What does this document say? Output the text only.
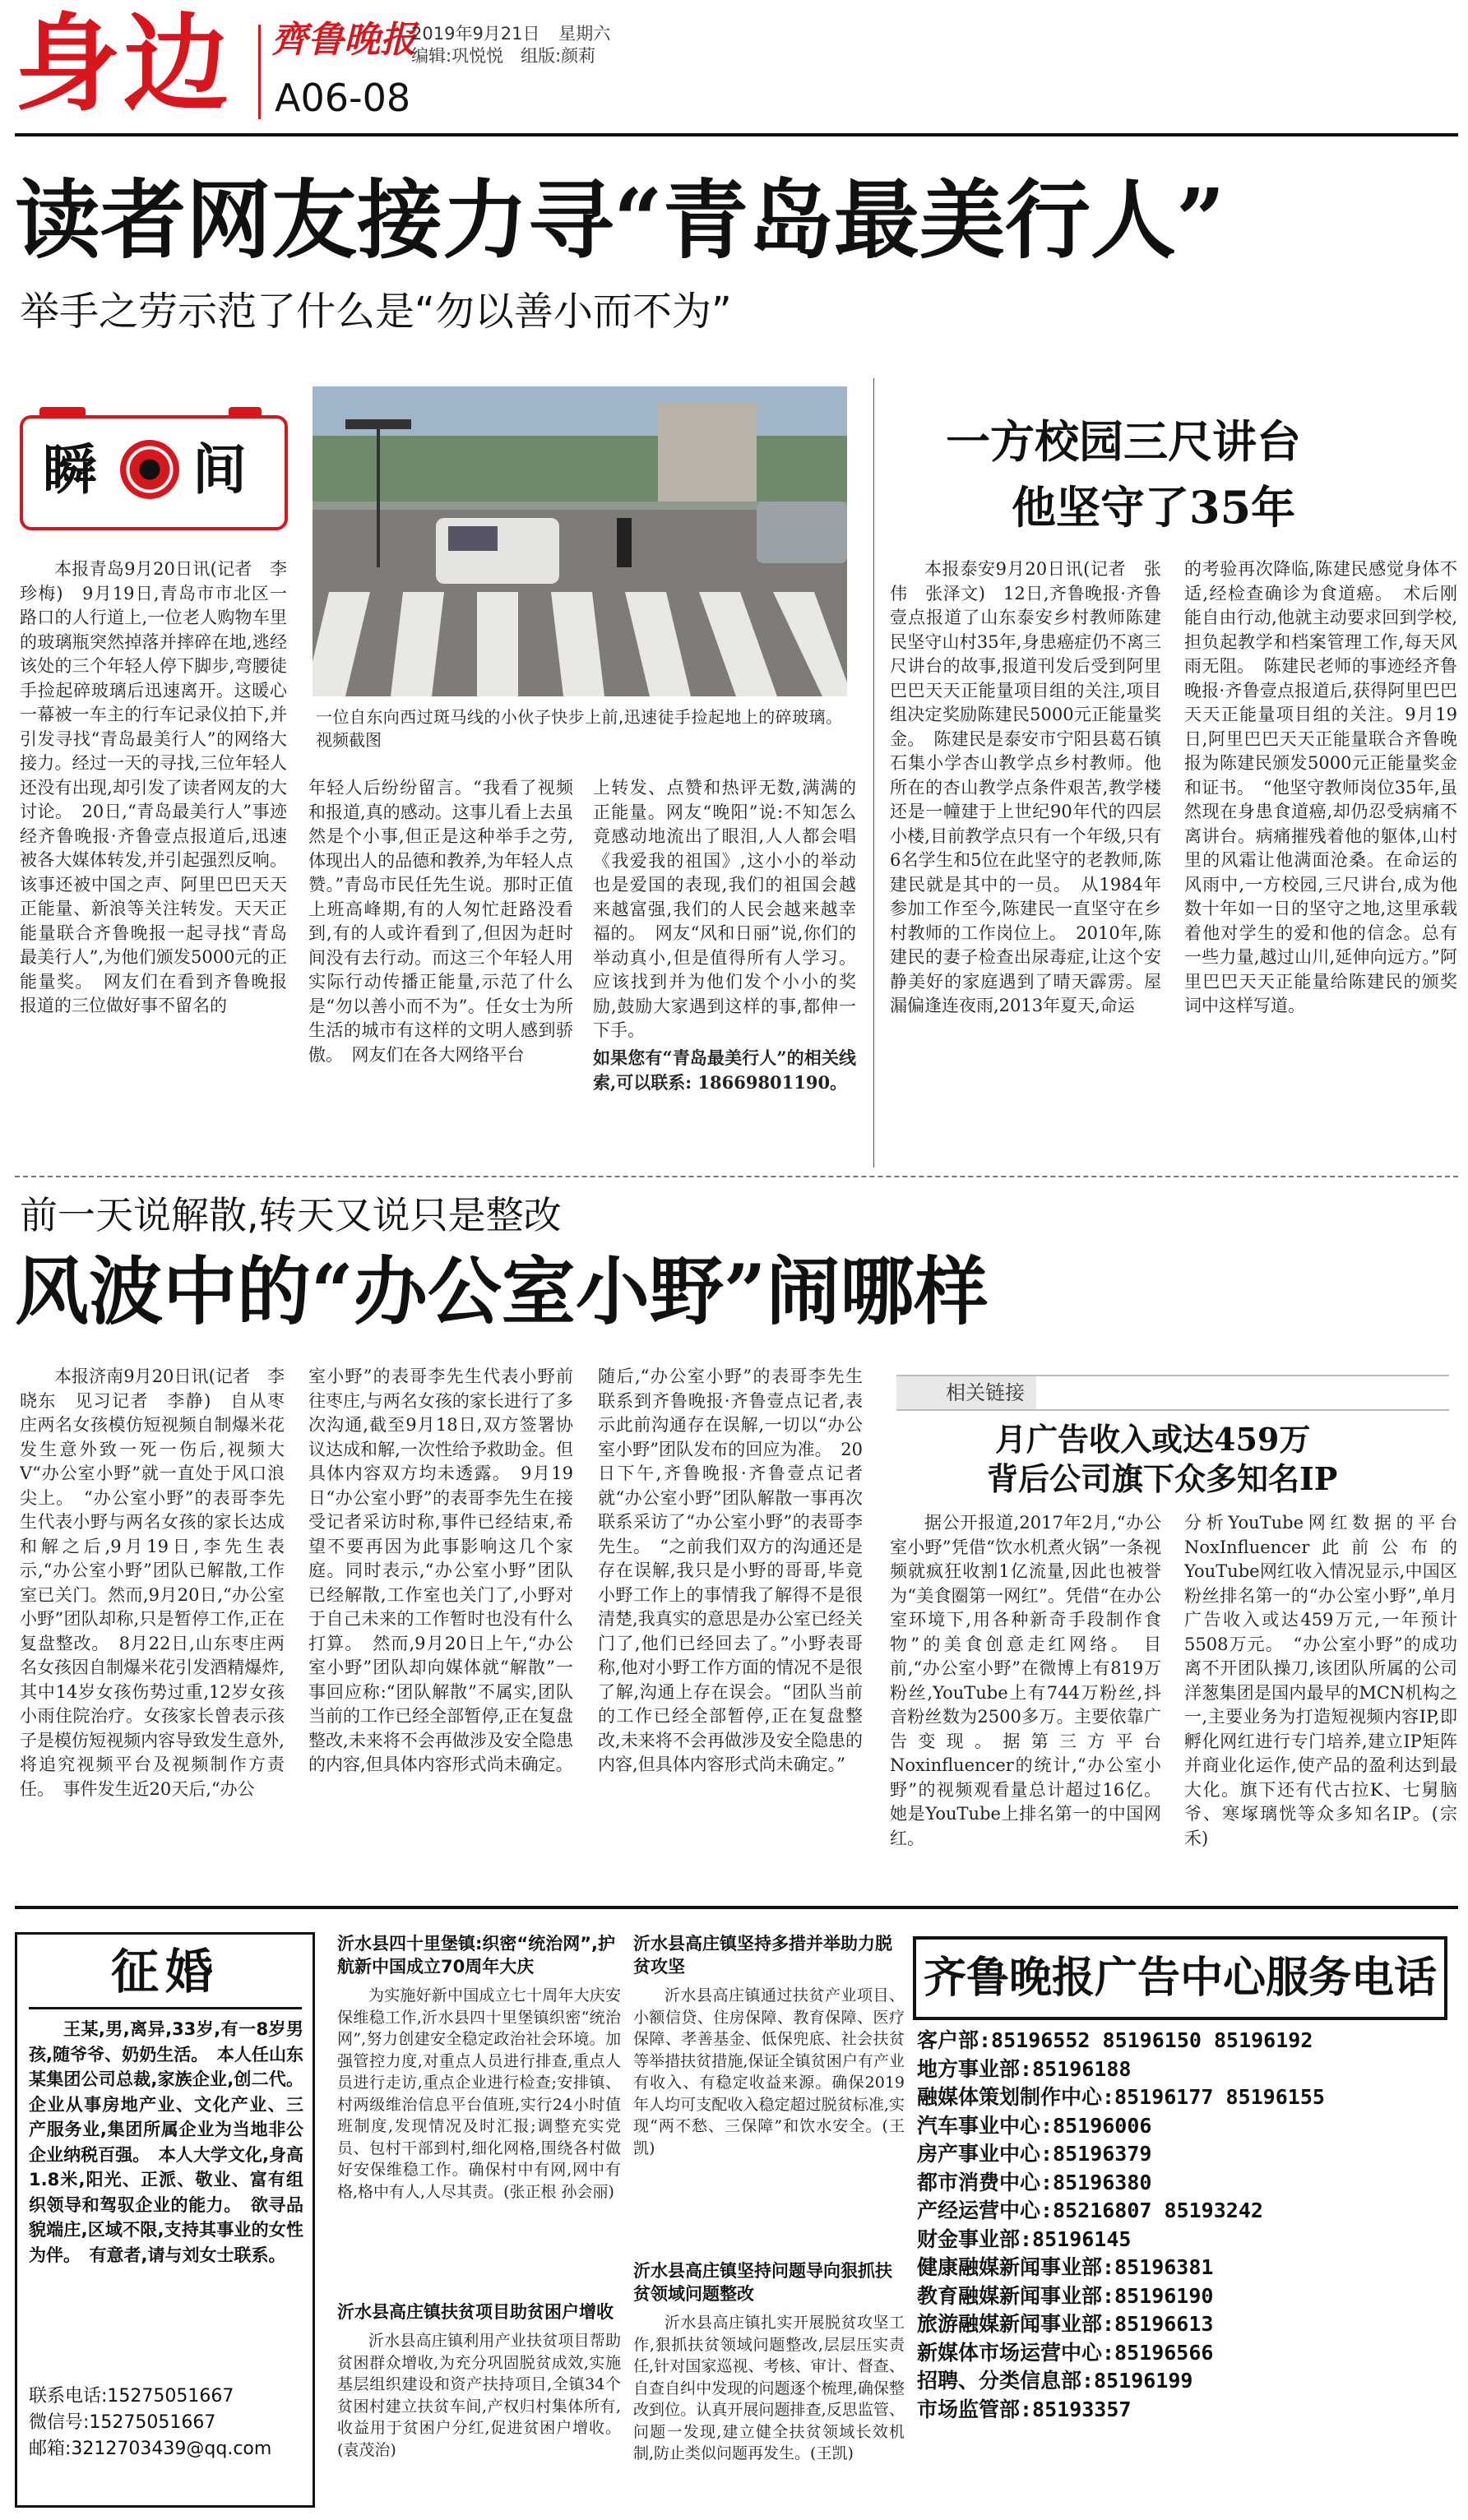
身边 齊鲁晚报
2019年9月21日 星期六
编辑:巩悦悦　组版:颜莉
A06-08
读者网友接力寻“青岛最美行人”
举手之劳示范了什么是“勿以善小而不为”
瞬 间
一位自东向西过斑马线的小伙子快步上前,迅速徒手捡起地上的碎玻璃。视频截图
本报青岛9月20日讯(记者　李珍梅)　9月19日,青岛市市北区一路口的人行道上,一位老人购物车里的玻璃瓶突然掉落并摔碎在地,逃经该处的三个年轻人停下脚步,弯腰徒手捡起碎玻璃后迅速离开。这暖心一幕被一车主的行车记录仪拍下,并引发寻找“青岛最美行人”的网络大接力。经过一天的寻找,三位年轻人还没有出现,却引发了读者网友的大讨论。　20日,“青岛最美行人”事迹经齐鲁晚报·齐鲁壹点报道后,迅速被各大媒体转发,并引起强烈反响。该事还被中国之声、阿里巴巴天天正能量、新浪等关注转发。天天正能量联合齐鲁晚报一起寻找“青岛最美行人”,为他们颁发5000元的正能量奖。　网友们在看到齐鲁晚报报道的三位做好事不留名的
年轻人后纷纷留言。“我看了视频和报道,真的感动。这事儿看上去虽然是个小事,但正是这种举手之劳,体现出人的品德和教养,为年轻人点赞。”青岛市民任先生说。那时正值上班高峰期,有的人匆忙赶路没看到,有的人或许看到了,但因为赶时间没有去行动。而这三个年轻人用实际行动传播正能量,示范了什么是“勿以善小而不为”。任女士为所生活的城市有这样的文明人感到骄傲。　网友们在各大网络平台
上转发、点赞和热评无数,满满的正能量。网友“晚阳”说:不知怎么竟感动地流出了眼泪,人人都会唱《我爱我的祖国》,这小小的举动也是爱国的表现,我们的祖国会越来越富强,我们的人民会越来越幸福的。　网友“风和日丽”说,你们的举动真小,但是值得所有人学习。应该找到并为他们发个小小的奖励,鼓励大家遇到这样的事,都伸一下手。
如果您有“青岛最美行人”的相关线索,可以联系: 18669801190。
一方校园三尺讲台
他坚守了35年
本报泰安9月20日讯(记者　张伟　张泽文)　12日,齐鲁晚报·齐鲁壹点报道了山东泰安乡村教师陈建民坚守山村35年,身患癌症仍不离三尺讲台的故事,报道刊发后受到阿里巴巴天天正能量项目组的关注,项目组决定奖励陈建民5000元正能量奖金。　陈建民是泰安市宁阳县葛石镇石集小学杏山教学点乡村教师。他所在的杏山教学点条件艰苦,教学楼还是一幢建于上世纪90年代的四层小楼,目前教学点只有一个年级,只有6名学生和5位在此坚守的老教师,陈建民就是其中的一员。　从1984年参加工作至今,陈建民一直坚守在乡村教师的工作岗位上。　2010年,陈建民的妻子检查出尿毒症,让这个安静美好的家庭遇到了晴天霹雳。屋漏偏逢连夜雨,2013年夏天,命运
的考验再次降临,陈建民感觉身体不适,经检查确诊为食道癌。　术后刚能自由行动,他就主动要求回到学校,担负起教学和档案管理工作,每天风雨无阻。　陈建民老师的事迹经齐鲁晚报·齐鲁壹点报道后,获得阿里巴巴天天正能量项目组的关注。9月19日,阿里巴巴天天正能量联合齐鲁晚报为陈建民颁发5000元正能量奖金和证书。　“他坚守教师岗位35年,虽然现在身患食道癌,却仍忍受病痛不离讲台。病痛摧残着他的躯体,山村里的风霜让他满面沧桑。在命运的风雨中,一方校园,三尺讲台,成为他数十年如一日的坚守之地,这里承载着他对学生的爱和他的信念。总有一些力量,越过山川,延伸向远方。”阿里巴巴天天正能量给陈建民的颁奖词中这样写道。
前一天说解散,转天又说只是整改
风波中的“办公室小野”闹哪样
本报济南9月20日讯(记者　李晓东　见习记者　李静)　自从枣庄两名女孩模仿短视频自制爆米花发生意外致一死一伤后,视频大V“办公室小野”就一直处于风口浪尖上。　“办公室小野”的表哥李先生代表小野与两名女孩的家长达成和解之后,9月19日,李先生表示,“办公室小野”团队已解散,工作室已关门。然而,9月20日,“办公室小野”团队却称,只是暂停工作,正在复盘整改。　8月22日,山东枣庄两名女孩因自制爆米花引发酒精爆炸,其中14岁女孩伤势过重,12岁女孩小雨住院治疗。女孩家长曾表示孩子是模仿短视频内容导致发生意外,将追究视频平台及视频制作方责任。　事件发生近20天后,“办公
室小野”的表哥李先生代表小野前往枣庄,与两名女孩的家长进行了多次沟通,截至9月18日,双方签署协议达成和解,一次性给予救助金。但具体内容双方均未透露。　9月19日“办公室小野”的表哥李先生在接受记者采访时称,事件已经结束,希望不要再因为此事影响这几个家庭。同时表示,“办公室小野”团队已经解散,工作室也关门了,小野对于自己未来的工作暂时也没有什么打算。　然而,9月20日上午,“办公室小野”团队却向媒体就“解散”一事回应称:“团队解散”不属实,团队当前的工作已经全部暂停,正在复盘整改,未来将不会再做涉及安全隐患的内容,但具体内容形式尚未确定。
随后,“办公室小野”的表哥李先生联系到齐鲁晚报·齐鲁壹点记者,表示此前沟通存在误解,一切以“办公室小野”团队发布的回应为准。　20日下午,齐鲁晚报·齐鲁壹点记者就“办公室小野”团队解散一事再次联系采访了“办公室小野”的表哥李先生。　“之前我们双方的沟通还是存在误解,我只是小野的哥哥,毕竟小野工作上的事情我了解得不是很清楚,我真实的意思是办公室已经关门了,他们已经回去了。”小野表哥称,他对小野工作方面的情况不是很了解,沟通上存在误会。“团队当前的工作已经全部暂停,正在复盘整改,未来将不会再做涉及安全隐患的内容,但具体内容形式尚未确定。”
相关链接
月广告收入或达459万
背后公司旗下众多知名IP
据公开报道,2017年2月,“办公室小野”凭借“饮水机煮火锅”一条视频就疯狂收割1亿流量,因此也被誉为“美食圈第一网红”。凭借“在办公室环境下,用各种新奇手段制作食物”的美食创意走红网络。　目前,“办公室小野”在微博上有819万粉丝,YouTube上有744万粉丝,抖音粉丝数为2500多万。主要依靠广告变现。据第三方平台Noxinfluencer的统计,“办公室小野”的视频观看量总计超过16亿。她是YouTube上排名第一的中国网红。
分析YouTube网红数据的平台NoxInfluencer此前公布的YouTube网红收入情况显示,中国区粉丝排名第一的“办公室小野”,单月广告收入或达459万元,一年预计5508万元。　“办公室小野”的成功离不开团队操刀,该团队所属的公司洋葱集团是国内最早的MCN机构之一,主要业务为打造短视频内容IP,即孵化网红进行专门培养,建立IP矩阵并商业化运作,使产品的盈利达到最大化。旗下还有代古拉K、七舅脑爷、寒塚璃恍等众多知名IP。(宗禾)
征婚
王某,男,离异,33岁,有一8岁男孩,随爷爷、奶奶生活。　本人任山东某集团公司总裁,家族企业,创二代。企业从事房地产业、文化产业、三产服务业,集团所属企业为当地非公企业纳税百强。　本人大学文化,身高1.8米,阳光、正派、敬业、富有组织领导和驾驭企业的能力。　欲寻品貌端庄,区域不限,支持其事业的女性为伴。　有意者,请与刘女士联系。
联系电话:15275051667
微信号:15275051667
邮箱:3212703439@qq.com
沂水县四十里堡镇:织密“统治网”,护航新中国成立70周年大庆
为实施好新中国成立七十周年大庆安保维稳工作,沂水县四十里堡镇织密“统治网”,努力创建安全稳定政治社会环境。加强管控力度,对重点人员进行排查,重点人员进行走访,重点企业进行检查;安排镇、村两级维治信息平台值班,实行24小时值班制度,发现情况及时汇报;调整充实党员、包村干部到村,细化网格,围绕各村做好安保维稳工作。确保村中有网,网中有格,格中有人,人尽其责。(张正根 孙会丽)
沂水县高庄镇扶贫项目助贫困户增收
沂水县高庄镇利用产业扶贫项目帮助贫困群众增收,为充分巩固脱贫成效,实施基层组织建设和资产扶持项目,全镇34个贫困村建立扶贫车间,产权归村集体所有,收益用于贫困户分红,促进贫困户增收。(袁茂治)
沂水县高庄镇坚持多措并举助力脱贫攻坚
沂水县高庄镇通过扶贫产业项目、小额信贷、住房保障、教育保障、医疗保障、孝善基金、低保兜底、社会扶贫等举措扶贫措施,保证全镇贫困户有产业有收入、有稳定收益来源。确保2019年人均可支配收入稳定超过脱贫标准,实现“两不愁、三保障”和饮水安全。(王凯)
沂水县高庄镇坚持问题导向狠抓扶贫领域问题整改
沂水县高庄镇扎实开展脱贫攻坚工作,狠抓扶贫领域问题整改,层层压实责任,针对国家巡视、考核、审计、督查、自查自纠中发现的问题逐个梳理,确保整改到位。认真开展问题排查,反思监管、问题一发现,建立健全扶贫领域长效机制,防止类似问题再发生。(王凯)
齐鲁晚报广告中心服务电话
客户部:85196552 85196150 85196192
地方事业部:85196188
融媒体策划制作中心:85196177 85196155
汽车事业中心:85196006
房产事业中心:85196379
都市消费中心:85196380
产经运营中心:85216807 85193242
财金事业部:85196145
健康融媒新闻事业部:85196381
教育融媒新闻事业部:85196190
旅游融媒新闻事业部:85196613
新媒体市场运营中心:85196566
招聘、分类信息部:85196199
市场监管部:85193357
